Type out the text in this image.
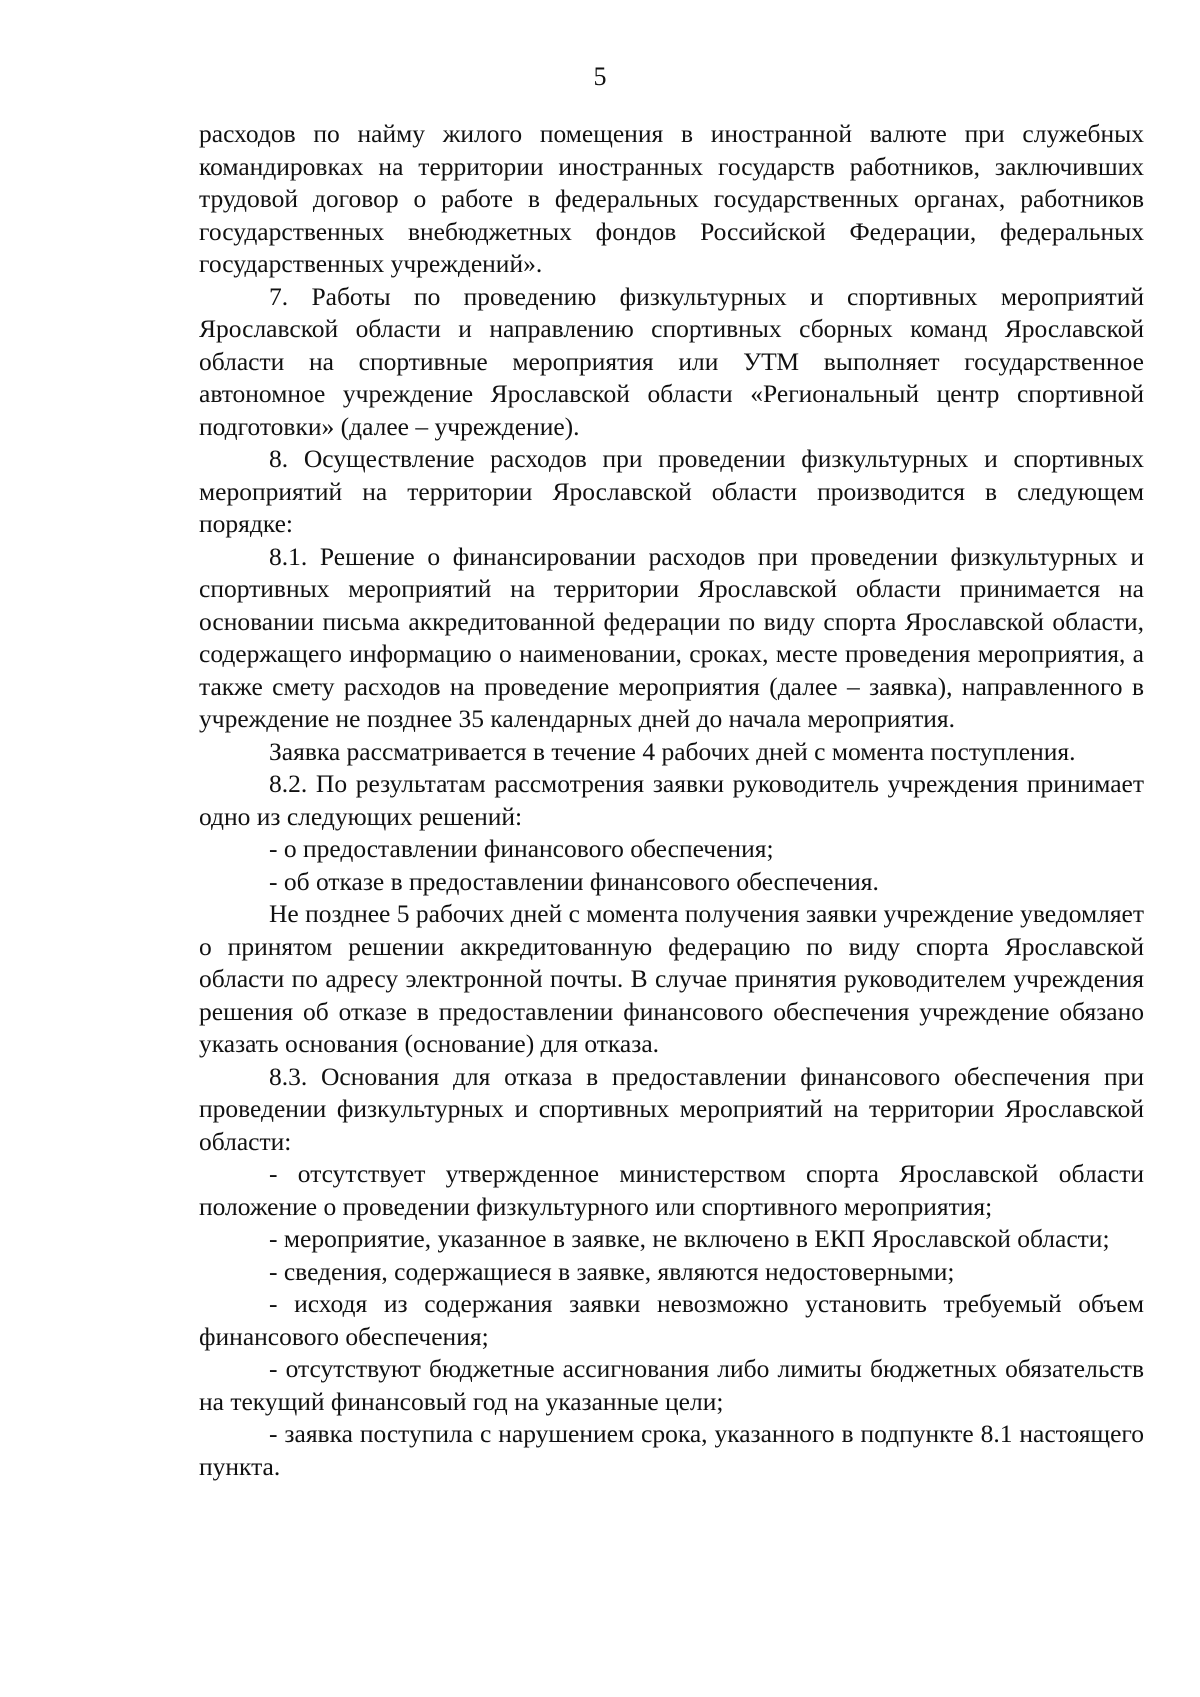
5

расходов по найму жилого помещения в иностранной валюте при служебных командировках на территории иностранных государств работников, заключивших трудовой договор о работе в федеральных государственных органах, работников государственных внебюджетных фондов Российской Федерации, федеральных государственных учреждений».

7. Работы по проведению физкультурных и спортивных мероприятий Ярославской области и направлению спортивных сборных команд Ярославской области на спортивные мероприятия или УТМ выполняет государственное автономное учреждение Ярославской области «Региональный центр спортивной подготовки» (далее – учреждение).

8. Осуществление расходов при проведении физкультурных и спортивных мероприятий на территории Ярославской области производится в следующем порядке:

8.1. Решение о финансировании расходов при проведении физкультурных и спортивных мероприятий на территории Ярославской области принимается на основании письма аккредитованной федерации по виду спорта Ярославской области, содержащего информацию о наименовании, сроках, месте проведения мероприятия, а также смету расходов на проведение мероприятия (далее – заявка), направленного в учреждение не позднее 35 календарных дней до начала мероприятия.

Заявка рассматривается в течение 4 рабочих дней с момента поступления.

8.2. По результатам рассмотрения заявки руководитель учреждения принимает одно из следующих решений:

- о предоставлении финансового обеспечения;

- об отказе в предоставлении финансового обеспечения.

Не позднее 5 рабочих дней с момента получения заявки учреждение уведомляет о принятом решении аккредитованную федерацию по виду спорта Ярославской области по адресу электронной почты. В случае принятия руководителем учреждения решения об отказе в предоставлении финансового обеспечения учреждение обязано указать основания (основание) для отказа.

8.3. Основания для отказа в предоставлении финансового обеспечения при проведении физкультурных и спортивных мероприятий на территории Ярославской области:

- отсутствует утвержденное министерством спорта Ярославской области положение о проведении физкультурного или спортивного мероприятия;

- мероприятие, указанное в заявке, не включено в ЕКП Ярославской области;

- сведения, содержащиеся в заявке, являются недостоверными;

- исходя из содержания заявки невозможно установить требуемый объем финансового обеспечения;

- отсутствуют бюджетные ассигнования либо лимиты бюджетных обязательств на текущий финансовый год на указанные цели;

- заявка поступила с нарушением срока, указанного в подпункте 8.1 настоящего пункта.
